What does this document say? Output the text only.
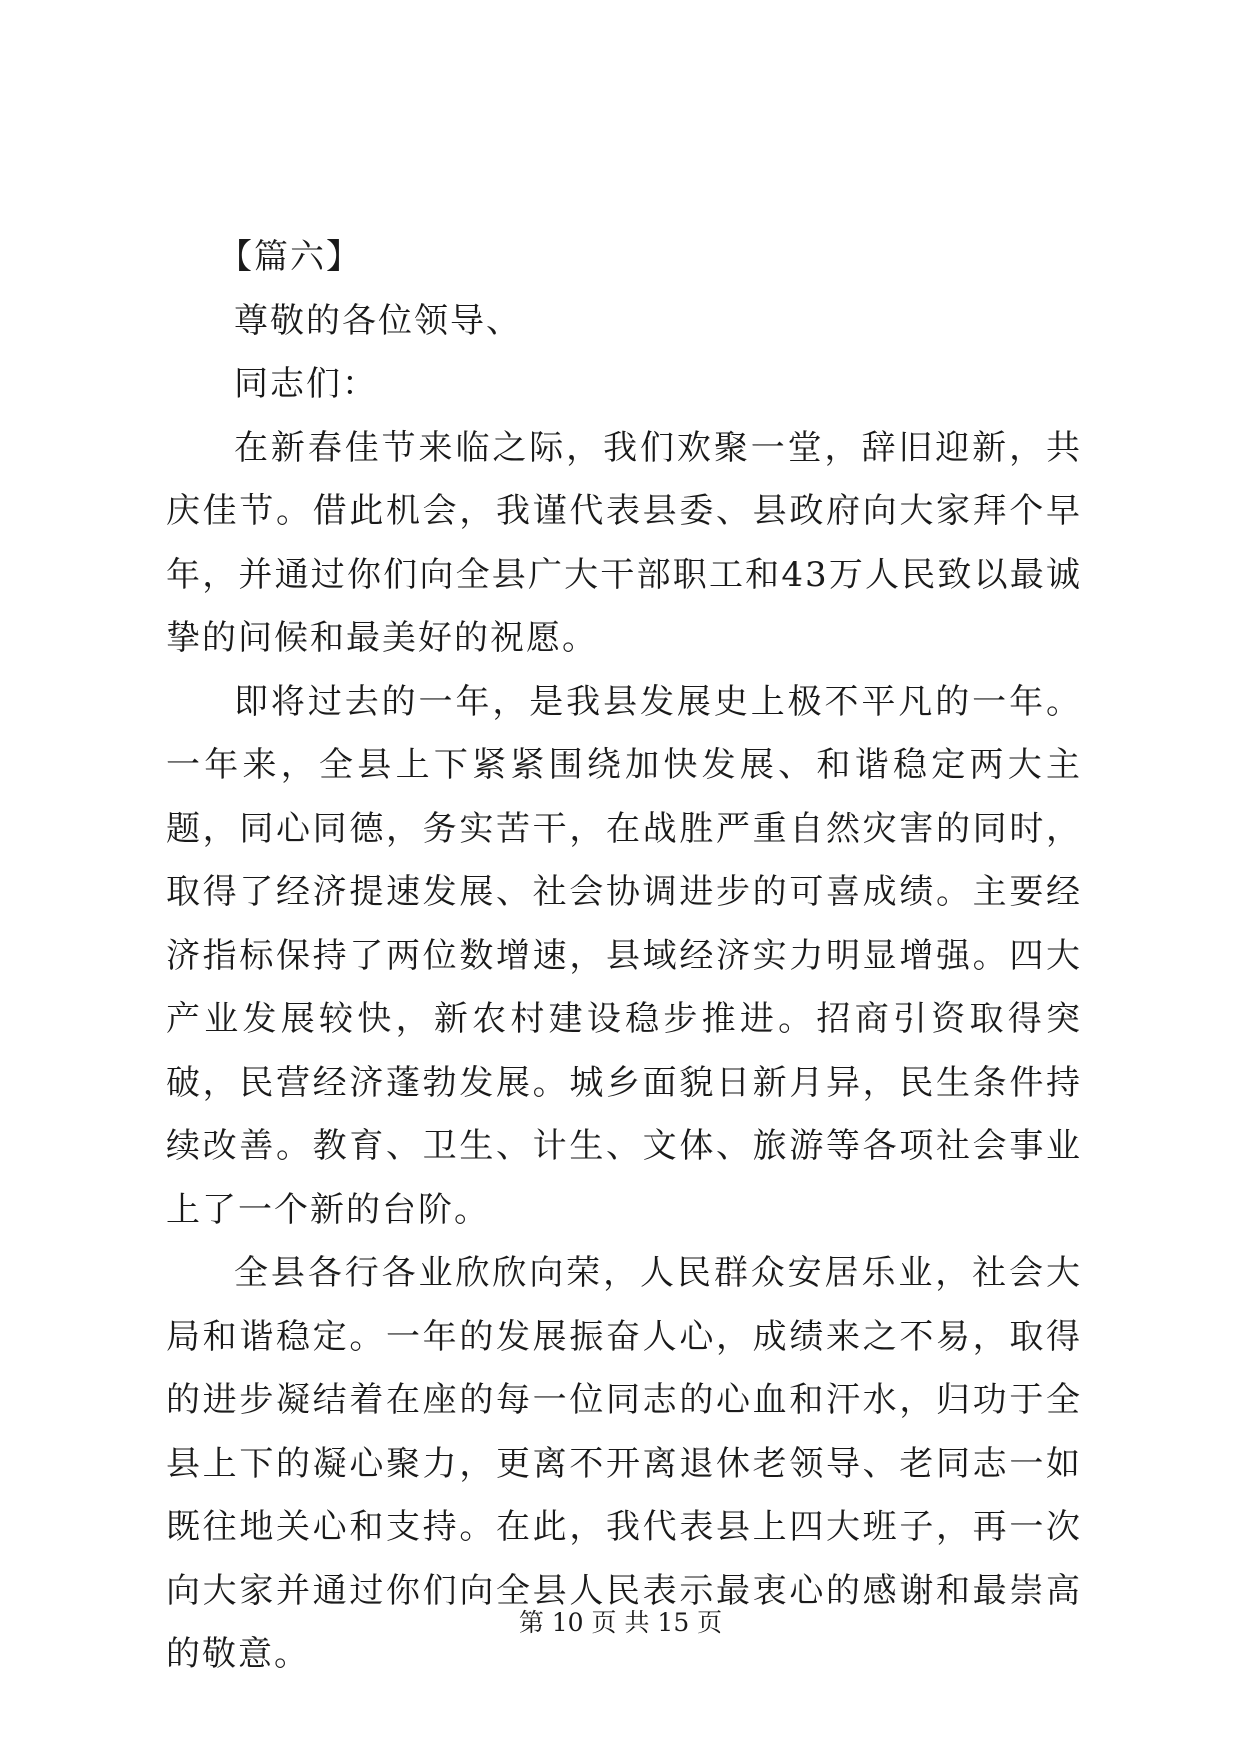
【篇六】

尊敬的各位领导、

同志们：

在新春佳节来临之际，我们欢聚一堂，辞旧迎新，共庆佳节。借此机会，我谨代表县委、县政府向大家拜个早年，并通过你们向全县广大干部职工和43万人民致以最诚挚的问候和最美好的祝愿。

即将过去的一年，是我县发展史上极不平凡的一年。一年来，全县上下紧紧围绕加快发展、和谐稳定两大主题，同心同德，务实苦干，在战胜严重自然灾害的同时，取得了经济提速发展、社会协调进步的可喜成绩。主要经济指标保持了两位数增速，县域经济实力明显增强。四大产业发展较快，新农村建设稳步推进。招商引资取得突破，民营经济蓬勃发展。城乡面貌日新月异，民生条件持续改善。教育、卫生、计生、文体、旅游等各项社会事业上了一个新的台阶。

全县各行各业欣欣向荣，人民群众安居乐业，社会大局和谐稳定。一年的发展振奋人心，成绩来之不易，取得的进步凝结着在座的每一位同志的心血和汗水，归功于全县上下的凝心聚力，更离不开离退休老领导、老同志一如既往地关心和支持。在此，我代表县上四大班子，再一次向大家并通过你们向全县人民表示最衷心的感谢和最崇高的敬意。

第 10 页 共 15 页
